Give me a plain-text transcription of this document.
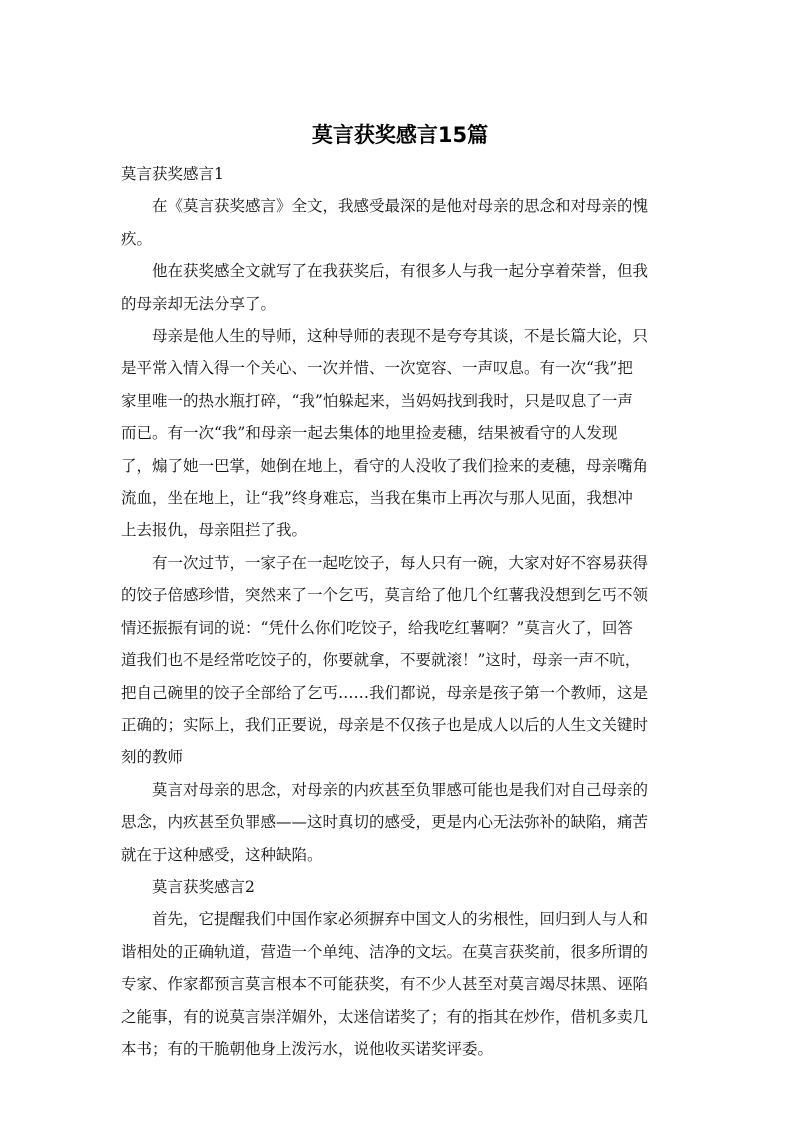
莫言获奖感言15篇

莫言获奖感言1

在《莫言获奖感言》全文，我感受最深的是他对母亲的思念和对母亲的愧
疚。

他在获奖感全文就写了在我获奖后，有很多人与我一起分享着荣誉，但我
的母亲却无法分享了。

母亲是他人生的导师，这种导师的表现不是夸夸其谈，不是长篇大论，只
是平常入情入得一个关心、一次并惜、一次宽容、一声叹息。有一次“我”把
家里唯一的热水瓶打碎，“我”怕躲起来，当妈妈找到我时，只是叹息了一声
而已。有一次“我”和母亲一起去集体的地里捡麦穗，结果被看守的人发现
了，煽了她一巴掌，她倒在地上，看守的人没收了我们捡来的麦穗，母亲嘴角
流血，坐在地上，让“我”终身难忘，当我在集市上再次与那人见面，我想冲
上去报仇，母亲阻拦了我。

有一次过节，一家子在一起吃饺子，每人只有一碗，大家对好不容易获得
的饺子倍感珍惜，突然来了一个乞丐，莫言给了他几个红薯我没想到乞丐不领
情还振振有词的说：“凭什么你们吃饺子，给我吃红薯啊？”莫言火了，回答
道我们也不是经常吃饺子的，你要就拿，不要就滚！”这时，母亲一声不吭，
把自己碗里的饺子全部给了乞丐……我们都说，母亲是孩子第一个教师，这是
正确的；实际上，我们正要说，母亲是不仅孩子也是成人以后的人生文关键时
刻的教师

莫言对母亲的思念，对母亲的内疚甚至负罪感可能也是我们对自己母亲的
思念，内疚甚至负罪感——这时真切的感受，更是内心无法弥补的缺陷，痛苦
就在于这种感受，这种缺陷。

莫言获奖感言2

首先，它提醒我们中国作家必须摒弃中国文人的劣根性，回归到人与人和
谐相处的正确轨道，营造一个单纯、洁净的文坛。在莫言获奖前，很多所谓的
专家、作家都预言莫言根本不可能获奖，有不少人甚至对莫言竭尽抹黑、诬陷
之能事，有的说莫言崇洋媚外，太迷信诺奖了；有的指其在炒作，借机多卖几
本书；有的干脆朝他身上泼污水，说他收买诺奖评委。
